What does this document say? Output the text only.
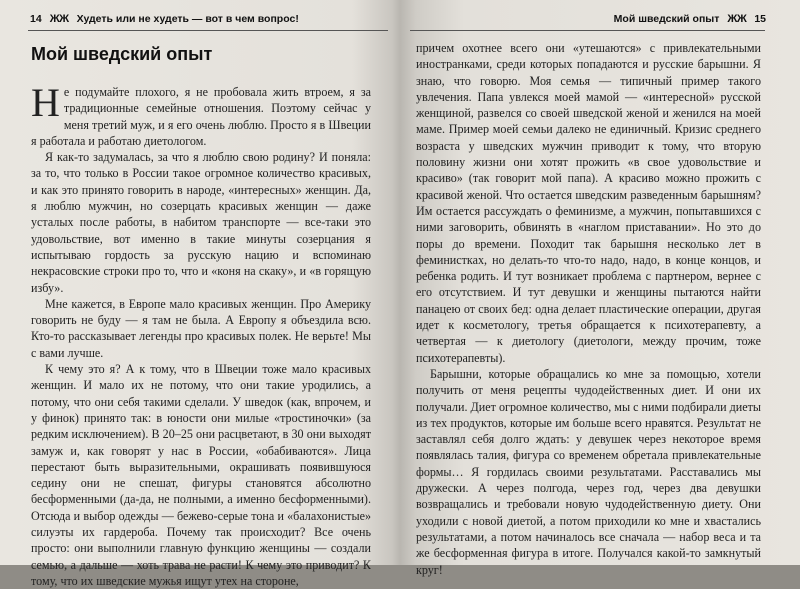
14 ЖЖ Худеть или не худеть — вот в чем вопрос!
Мой шведский опыт

Не подумайте плохого, я не пробовала жить втроем, я за традиционные семейные отношения. Поэтому сейчас у меня третий муж, и я его очень люблю. Просто я в Швеции я работала и работаю диетологом.

Я как-то задумалась, за что я люблю свою родину? И поняла: за то, что только в России такое огромное количество красивых, и как это принято говорить в народе, «интересных» женщин. Да, я люблю мужчин, но созерцать красивых женщин — даже усталых после работы, в набитом транспорте — все-таки это удовольствие, вот именно в такие минуты созерцания я испытываю гордость за русскую нацию и вспоминаю некрасовские строки про то, что и «коня на скаку», и «в горящую избу».

Мне кажется, в Европе мало красивых женщин. Про Америку говорить не буду — я там не была. А Европу я объездила всю. Кто-то рассказывает легенды про красивых полек. Не верьте! Мы с вами лучше.

К чему это я? А к тому, что в Швеции тоже мало красивых женщин. И мало их не потому, что они такие уродились, а потому, что они себя такими сделали. У шведок (как, впрочем, и у финок) принято так: в юности они милые «тростиночки» (за редким исключением). В 20–25 они расцветают, в 30 они выходят замуж и, как говорят у нас в России, «обабиваются». Лица перестают быть выразительными, окрашивать появившуюся седину они не спешат, фигуры становятся абсолютно бесформенными (да-да, не полными, а именно бесформенными). Отсюда и выбор одежды — бежево-серые тона и «балахонистые» силуэты их гардероба. Почему так происходит? Все очень просто: они выполнили главную функцию женщины — создали семью, а дальше — хоть трава не расти! К чему это приводит? К тому, что их шведские мужья ищут утех на стороне,

Мой шведский опыт ЖЖ 15

причем охотнее всего они «утешаются» с привлекательными иностранками, среди которых попадаются и русские барышни. Я знаю, что говорю. Моя семья — типичный пример такого увлечения. Папа увлекся моей мамой — «интересной» русской женщиной, развелся со своей шведской женой и женился на моей маме. Пример моей семьи далеко не единичный. Кризис среднего возраста у шведских мужчин приводит к тому, что вторую половину жизни они хотят прожить «в свое удовольствие и красиво» (так говорит мой папа). А красиво можно прожить с красивой женой. Что остается шведским разведенным барышням? Им остается рассуждать о феминизме, а мужчин, попытавшихся с ними заговорить, обвинять в «наглом приставании». Но это до поры до времени. Походит так барышня несколько лет в феминистках, но делать-то что-то надо, надо, в конце концов, и ребенка родить. И тут возникает проблема с партнером, вернее с его отсутствием. И тут девушки и женщины пытаются найти панацею от своих бед: одна делает пластические операции, другая идет к косметологу, третья обращается к психотерапевту, а четвертая — к диетологу (диетологи, между прочим, тоже психотерапевты).

Барышни, которые обращались ко мне за помощью, хотели получить от меня рецепты чудодейственных диет. И они их получали. Диет огромное количество, мы с ними подбирали диеты из тех продуктов, которые им больше всего нравятся. Результат не заставлял себя долго ждать: у девушек через некоторое время появлялась талия, фигура со временем обретала привлекательные формы… Я гордилась своими результатами. Расставались мы дружески. А через полгода, через год, через два девушки возвращались и требовали новую чудодейственную диету. Они уходили с новой диетой, а потом приходили ко мне и хвастались результатами, а потом начиналось все сначала — набор веса и та же бесформенная фигура в итоге. Получался какой-то замкнутый круг!
